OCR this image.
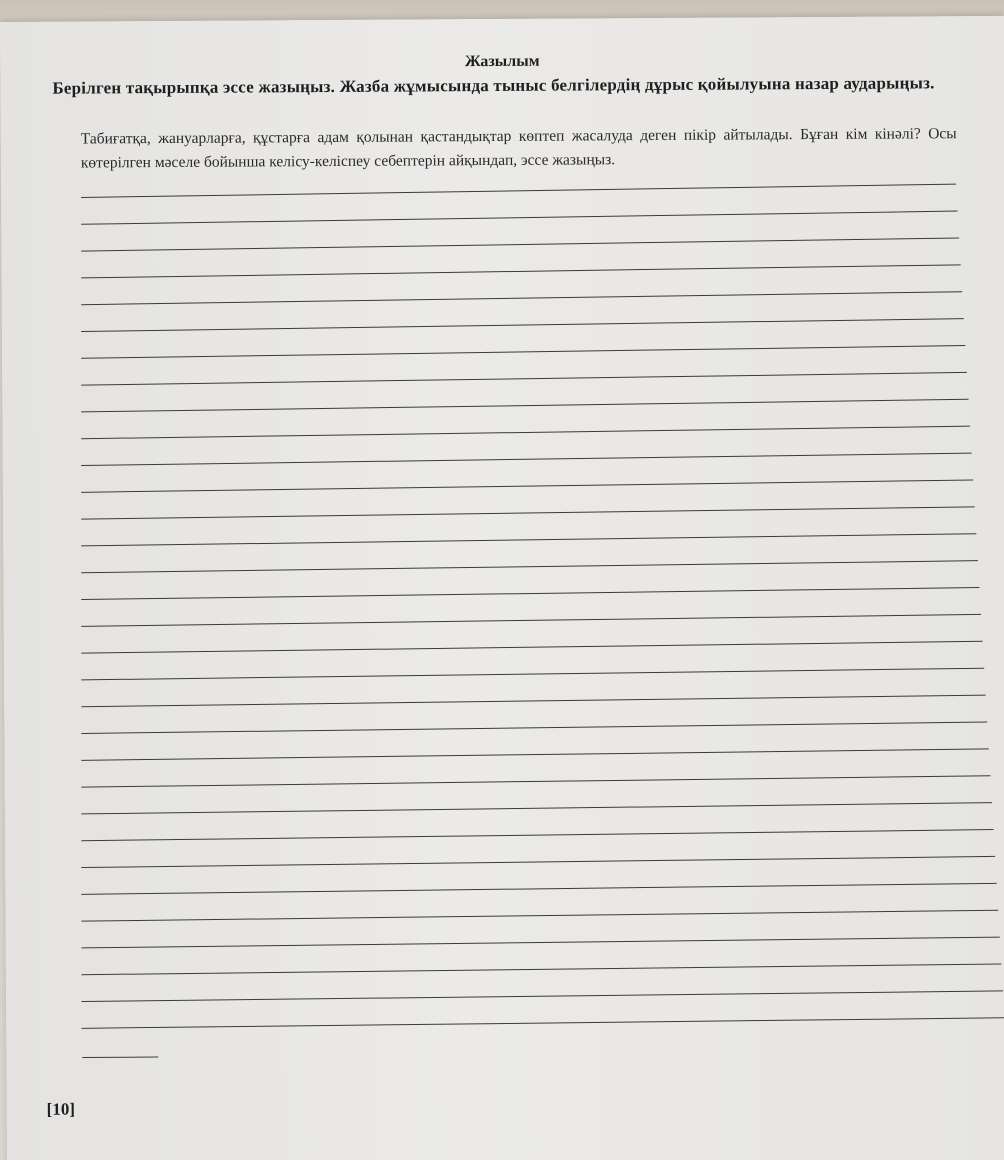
Жазылым

Берілген тақырыпқа эссе жазыңыз. Жазба жұмысында тыныс белгілердің дұрыс қойылуына назар аударыңыз.

Табиғатқа, жануарларға, құстарға адам қолынан қастандықтар көптеп жасалуда деген пікір айтылады. Бұған кім кінәлі? Осы көтерілген мәселе бойынша келісу-келіспеу себептерін айқындап, эссе жазыңыз.

[10]
